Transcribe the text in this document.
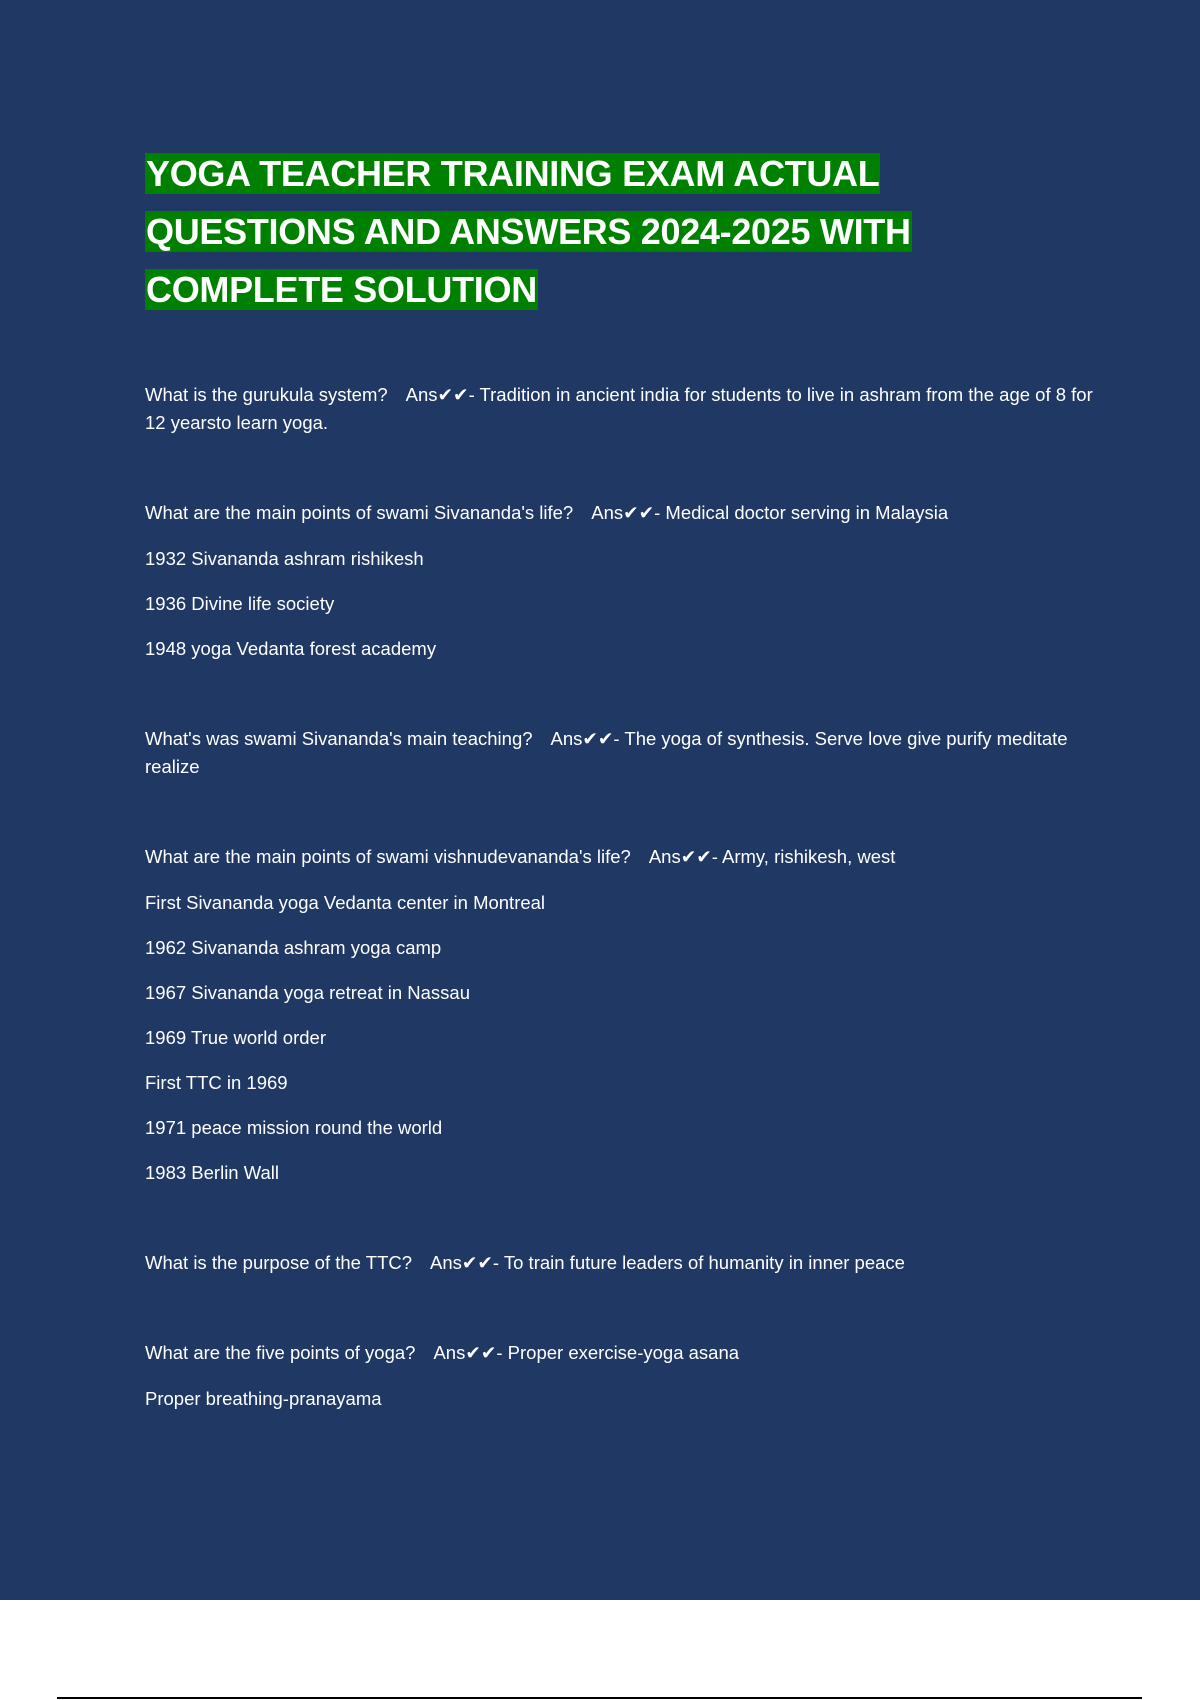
YOGA TEACHER TRAINING EXAM ACTUAL
QUESTIONS AND ANSWERS 2024-2025 WITH
COMPLETE SOLUTION
What is the gurukula system? Ans✔✔- Tradition in ancient india for students to live in ashram from the age of 8 for 12 yearsto learn yoga.
What are the main points of swami Sivananda's life? Ans✔✔- Medical doctor serving in Malaysia
1932 Sivananda ashram rishikesh
1936 Divine life society
1948 yoga Vedanta forest academy
What's was swami Sivananda's main teaching? Ans✔✔- The yoga of synthesis. Serve love give purify meditate realize
What are the main points of swami vishnudevananda's life? Ans✔✔- Army, rishikesh, west
First Sivananda yoga Vedanta center in Montreal
1962 Sivananda ashram yoga camp
1967 Sivananda yoga retreat in Nassau
1969 True world order
First TTC in 1969
1971 peace mission round the world
1983 Berlin Wall
What is the purpose of the TTC? Ans✔✔- To train future leaders of humanity in inner peace
What are the five points of yoga? Ans✔✔- Proper exercise-yoga asana
Proper breathing-pranayama
